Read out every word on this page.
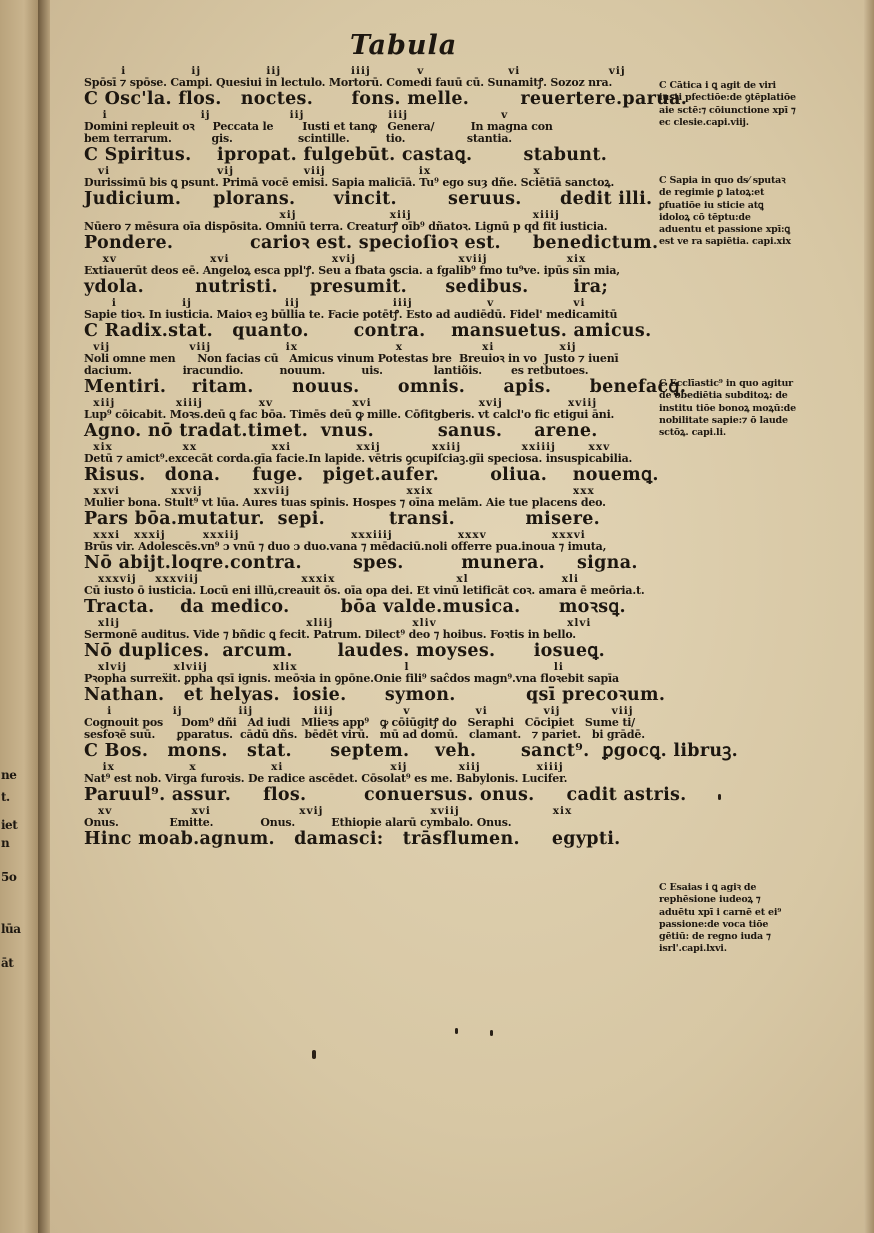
ne
t.
iet
n
5o
lūa
āt
Tabula
i              ij              iij               iiij          v                  vi                   vij
Spōsī ⁊ spōse. Campi. Quesiui in lectulo. Mortorū. Comedi fauū cū. Sunamitꝭ. Sozoz nra.
C Osc'la. flos.   noctes.      fons. melle.        reuertere.parua.
i                    ij                 iij                  iiij                    v
Domini repleuit oꝛ     Peccata le        Iusti et tanꝙ   Genera/          In magna con
bem terrarum.           gis.                  scintille.          tio.                 stantia.
C Spiritus.    ipropat. fulgebūt. castaꝗ.        stabunt.
vi                       vij               viij                    ix                      x
Durissimū bis ꝗ psunt. Primā vocē emisi. Sapia malicīā. Tu⁹ ego suȝ dñe. Sciētīā sanctoꝝ.
Judicium.     plorans.      vincit.        seruus.      dedit illi.
xij                    xiij                          xiiij
Nūero ⁊ mēsura oīa dispōsita. Omniū terra. Creaturꝭ oīb⁹ dñatoꝛ. Lignū p qd fit iusticia.
Pondere.            carioꝛ est. specioſioꝛ est.     benedictum.
xv                    xvi                      xvij                      xviij                 xix
Extiauerūt deos eē. Angeloꝝ esca ppl'ꝭ. Seu a fbata ꝯscia. a fgalib⁹ fmo tu⁹ve. ipūs sīn mia,
ydola.        nutristi.     presumit.      sedibus.       ira;
i              ij                    iij                    iiij                v                 vi
Sapie tioꝛ. In iusticia. Maioꝛ eꝫ būllia te. Facie potētꝭ. Esto ad audiēdū. Fidel' medicamitū
C Radix.stat.   quanto.       contra.    mansuetus. amicus.
vij                 viij                ix                     x                 xi              xij
Noli omne men      Non facias cū   Amicus vinum Potestas bre  Breuioꝛ in vo  Justo ⁊ iuenī
dacium.              iracundio.          nouum.          uis.              lantiõis.        es retbutoes.
Mentiri.    ritam.      nouus.      omnis.      apis.      benefacꝗ.
xiij             xiiij            xv                 xvi                       xvij              xviij
Lup⁹ cōicabit. Moꝛs.deū ꝗ fac bōa. Timēs deū ꝙ mille. Cōfitgberis. vt calcl'o fic etigui āni.
Agno. nō tradat.timet.  vnus.          sanus.     arene.
xix               xx                xxi              xxij           xxiij             xxiiij       xxv
Detū ⁊ amict⁹.excecāt corda.gīa facie.In lapide. vētris ꝯcupiſciaꝫ.gīi speciosa. insuspicabilia.
Risus.   dona.     fuge.   piget.aufer.        oliua.    nouemꝗ.
xxvi           xxvij           xxviij                         xxix                              xxx
Mulier bona. Stult⁹ vt lūa. Aures tuas spinis. Hospes ⁊ oīna melām. Aie tue placens deo.
Pars bōa.mutatur.  sepi.          transi.           misere.
xxxi   xxxij        xxxiij                        xxxiiij              xxxv              xxxvi
Brūs vir. Adolescēs.vn⁹ ɔ vnū ⁊ duo ɔ duo.vana ⁊ mēdaciū.noli offerre pua.inoua ⁊ imuta,
Nō abijt.loqre.contra.        spes.         munera.     signa.
xxxvij    xxxviij                      xxxix                          xl                    xli
Cū iusto ō iusticia. Locū eni illū,creauit ōs. oīa opa dei. Et vinū letificāt coꝛ. amara ē meōria.t.
Tracta.    da medico.        bōa valde.musica.      moꝛsꝗ.
xlij                                        xliij                 xliv                            xlvi
Sermonē auditus. Vide ⁊ bñdic ꝗ fecit. Patrum. Dilect⁹ deo ⁊ hoibus. Foꝛtis in bello.
Nō duplices.  arcum.       laudes. moyses.      iosueꝗ.
xlvij          xlviij              xlix                       l                               li
Pꝛopha surreẍit. ꝑpha qsī ignis. meōꝛia in ꝯpōne.Onie fili⁹ saĉdos magn⁹.vna floꝛebit sapīa
Nathan.   et helyas.  iosie.      symon.           qsī precoꝛum.
i             ij            iij             iiij               v              vi            vij           viij
Cognouit pos     Dom⁹ dñi   Ad iudi   Mlieꝛs app⁹   ꝙ cōiūgitꝭ do   Seraphi   Cōcipiet   Sume ti/
sesfoꝛē suū.      ꝑparatus.  cādū dñs.  bēdēt virū.   mū ad domū.   clamant.   ⁊ pariet.   bi grādē.
C Bos.   mons.   stat.      septem.    veh.       sanct⁹.  ꝑgocꝗ. libruꝫ.
ix                x                xi                       xij           xiij            xiiij
Nat⁹ est nob. Virga furoꝛis. De radice ascēdet. Cōsolat⁹ es me. Babylonis. Lucifer.
Paruul⁹. assur.     flos.         conuersus. onus.     cadit astris.
xv                 xvi                   xvij                       xviij                    xix
Onus.              Emitte.             Onus.          Ethiopie alarū cymbalo. Onus.
Hinc moab.agnum.   damasci:   trāsflumen.     egypti.
C Cātica i ꝗ agit de viri iusti pfectiōe:de ꝯtēplatiōe aie sctē:⁊ cōiunctione xpī ⁊ ec clesie.capi.viij.
C Sapia in quo ds⁄ sputaꝛ de regimie ꝑ latoꝝ:et ꝑfuatiōe iu sticie atꝗ idoloꝝ cō tēptu:de aduentu et passione xpī:ꝗ est ve ra sapiētia. capi.xix
C Ecclīastic⁹ in quo agitur de obediētia subditoꝝ: de institu tiōe bonoꝝ moꝝū:de nobilitate sapie:⁊ ō laude sctōꝝ. capi.li.
C Esaias i ꝗ agiꝛ de rephēsione iudeoꝝ ⁊ aduētu xpī i carnē et ei⁹ passione:de voca tiōe gētiū: de regno iuda ⁊ isrl'.capi.lxvi.
